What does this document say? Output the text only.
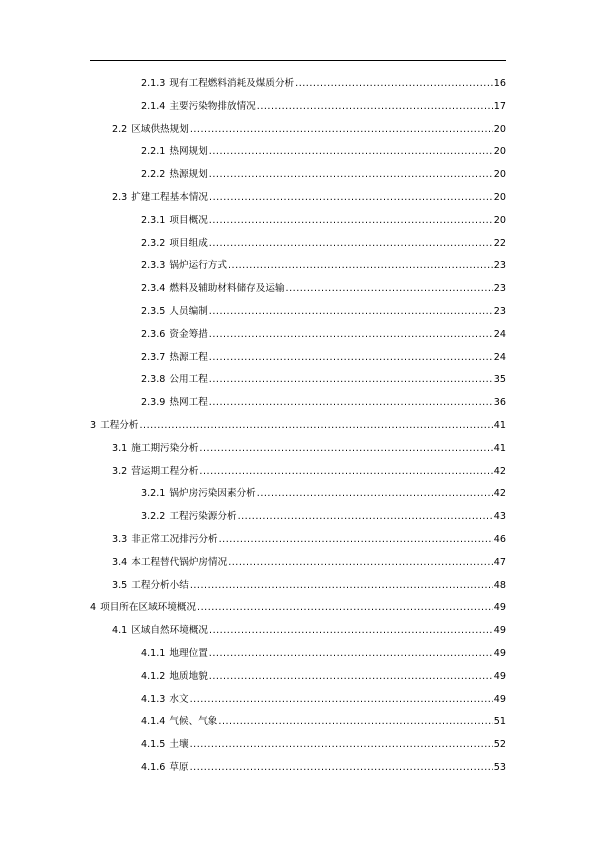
2.1.3 现有工程燃料消耗及煤质分析 .....	16
2.1.4 主要污染物排放情况 .....	17
2.2 区域供热规划 .....	20
2.2.1 热网规划 .....	20
2.2.2 热源规划 .....	20
2.3 扩建工程基本情况 .....	20
2.3.1 项目概况 .....	20
2.3.2 项目组成 .....	22
2.3.3 锅炉运行方式 .....	23
2.3.4 燃料及辅助材料储存及运输 .....	23
2.3.5 人员编制 .....	23
2.3.6 资金筹措 .....	24
2.3.7 热源工程 .....	24
2.3.8 公用工程 .....	35
2.3.9 热网工程 .....	36
3 工程分析 .....	41
3.1 施工期污染分析 .....	41
3.2 营运期工程分析 .....	42
3.2.1 锅炉房污染因素分析 .....	42
3.2.2 工程污染源分析 .....	43
3.3 非正常工况排污分析 .....	46
3.4 本工程替代锅炉房情况 .....	47
3.5 工程分析小结 .....	48
4 项目所在区域环境概况 .....	49
4.1 区域自然环境概况 .....	49
4.1.1 地理位置 .....	49
4.1.2 地质地貌 .....	49
4.1.3 水文 .....	49
4.1.4 气候、气象 .....	51
4.1.5 土壤 .....	52
4.1.6 草原 .....	53
